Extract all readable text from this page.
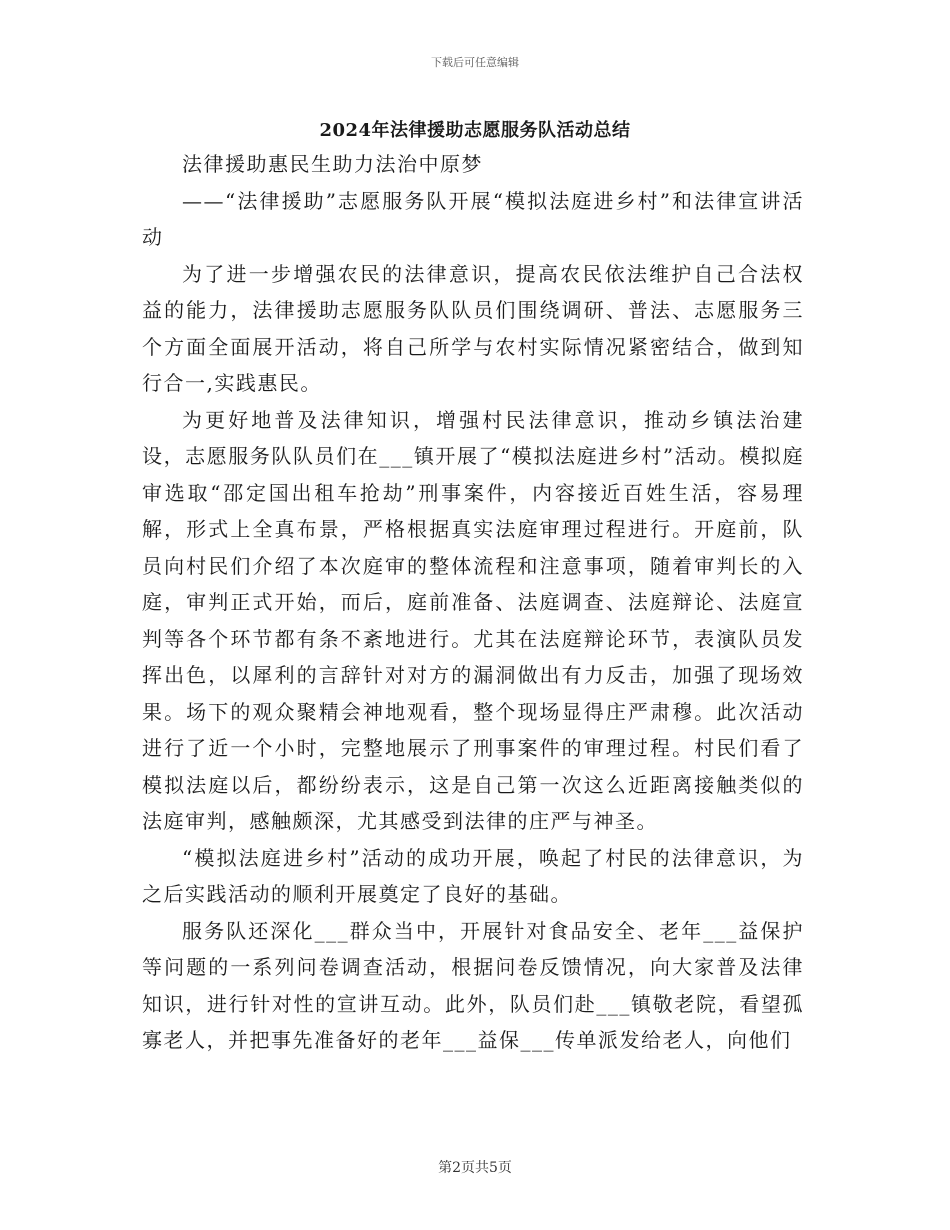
下载后可任意编辑
2024年法律援助志愿服务队活动总结

法律援助惠民生助力法治中原梦

——“法律援助”志愿服务队开展“模拟法庭进乡村”和法律宣讲活动

为了进一步增强农民的法律意识，提高农民依法维护自己合法权益的能力，法律援助志愿服务队队员们围绕调研、普法、志愿服务三个方面全面展开活动，将自己所学与农村实际情况紧密结合，做到知行合一,实践惠民。

为更好地普及法律知识，增强村民法律意识，推动乡镇法治建设，志愿服务队队员们在___镇开展了“模拟法庭进乡村”活动。模拟庭审选取“邵定国出租车抢劫”刑事案件，内容接近百姓生活，容易理解，形式上全真布景，严格根据真实法庭审理过程进行。开庭前，队员向村民们介绍了本次庭审的整体流程和注意事项，随着审判长的入庭，审判正式开始，而后，庭前准备、法庭调查、法庭辩论、法庭宣判等各个环节都有条不紊地进行。尤其在法庭辩论环节，表演队员发挥出色，以犀利的言辞针对对方的漏洞做出有力反击，加强了现场效果。场下的观众聚精会神地观看，整个现场显得庄严肃穆。此次活动进行了近一个小时，完整地展示了刑事案件的审理过程。村民们看了模拟法庭以后，都纷纷表示，这是自己第一次这么近距离接触类似的法庭审判，感触颇深，尤其感受到法律的庄严与神圣。

“模拟法庭进乡村”活动的成功开展，唤起了村民的法律意识，为之后实践活动的顺利开展奠定了良好的基础。

服务队还深化___群众当中，开展针对食品安全、老年___益保护等问题的一系列问卷调查活动，根据问卷反馈情况，向大家普及法律知识，进行针对性的宣讲互动。此外，队员们赴___镇敬老院，看望孤寡老人，并把事先准备好的老年___益保___传单派发给老人，向他们

第2页共5页
